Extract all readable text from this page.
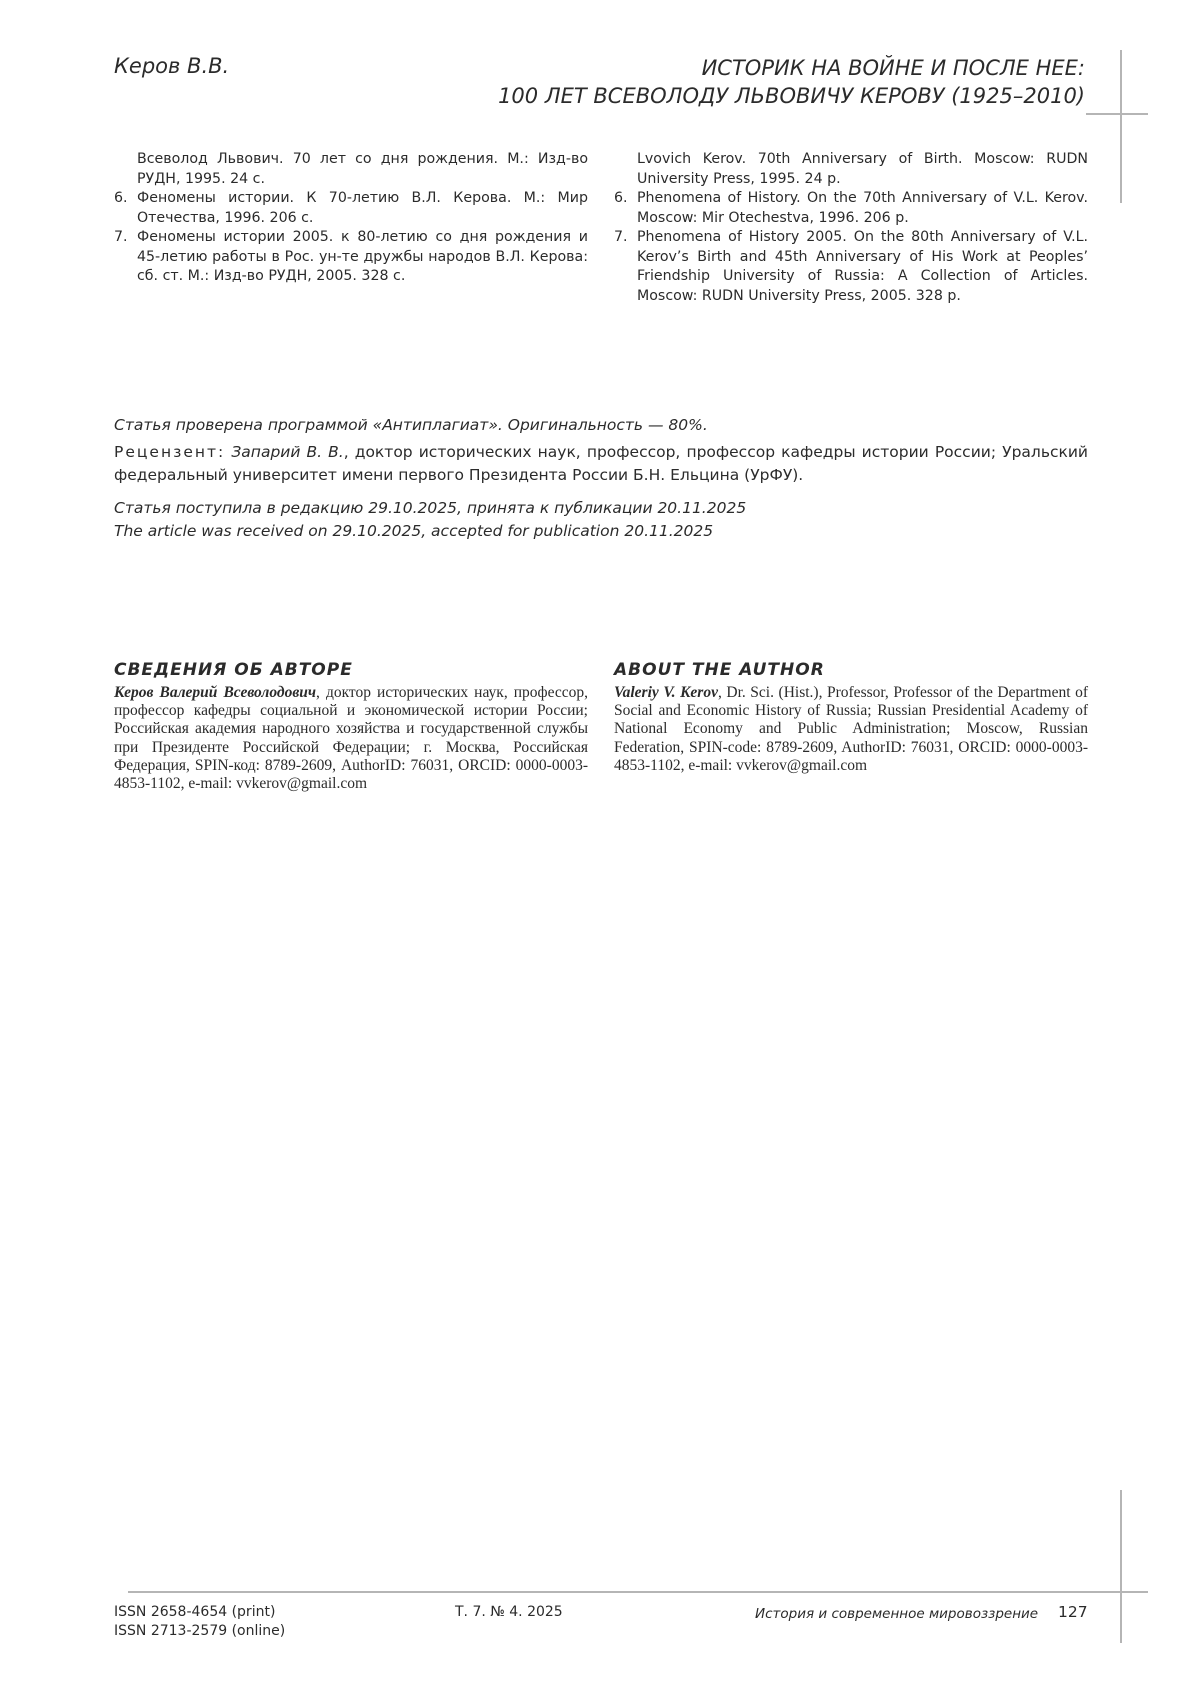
Керов В.В.	ИСТОРИК НА ВОЙНЕ И ПОСЛЕ НЕЕ:
100 ЛЕТ ВСЕВОЛОДУ ЛЬВОВИЧУ КЕРОВУ (1925–2010)
Всеволод Львович. 70 лет со дня рождения. М.: Изд-во РУДН, 1995. 24 с.
6. Феномены истории. К 70-летию В.Л. Керова. М.: Мир Отечества, 1996. 206 с.
7. Феномены истории 2005. к 80-летию со дня рождения и 45-летию работы в Рос. ун-те дружбы народов В.Л. Керова: сб. ст. М.: Изд-во РУДН, 2005. 328 с.
Lvovich Kerov. 70th Anniversary of Birth. Moscow: RUDN University Press, 1995. 24 p.
6. Phenomena of History. On the 70th Anniversary of V.L. Kerov. Moscow: Mir Otechestva, 1996. 206 p.
7. Phenomena of History 2005. On the 80th Anniversary of V.L. Kerov’s Birth and 45th Anniversary of His Work at Peoples’ Friendship University of Russia: A Collection of Articles. Moscow: RUDN University Press, 2005. 328 p.
Статья проверена программой «Антиплагиат». Оригинальность — 80%.
Рецензент: Запарий В. В., доктор исторических наук, профессор, профессор кафедры истории России; Уральский федеральный университет имени первого Президента России Б.Н. Ельцина (УрФУ).
Статья поступила в редакцию 29.10.2025, принята к публикации 20.11.2025
The article was received on 29.10.2025, accepted for publication 20.11.2025
СВЕДЕНИЯ ОБ АВТОРЕ
Керов Валерий Всеволодович, доктор исторических наук, профессор, профессор кафедры социальной и экономической истории России; Российская академия народного хозяйства и государственной службы при Президенте Российской Федерации; г. Москва, Российская Федерация, SPIN-код: 8789-2609, AuthorID: 76031, ORCID: 0000-0003-4853-1102, e-mail: vvkerov@gmail.com
ABOUT THE AUTHOR
Valeriy V. Kerov, Dr. Sci. (Hist.), Professor, Professor of the Department of Social and Economic History of Russia; Russian Presidential Academy of National Economy and Public Administration; Moscow, Russian Federation, SPIN-code: 8789-2609, AuthorID: 76031, ORCID: 0000-0003-4853-1102, e-mail: vvkerov@gmail.com
ISSN 2658-4654 (print)
ISSN 2713-2579 (online)
Т. 7. № 4. 2025	История и современное мировоззрение 127
